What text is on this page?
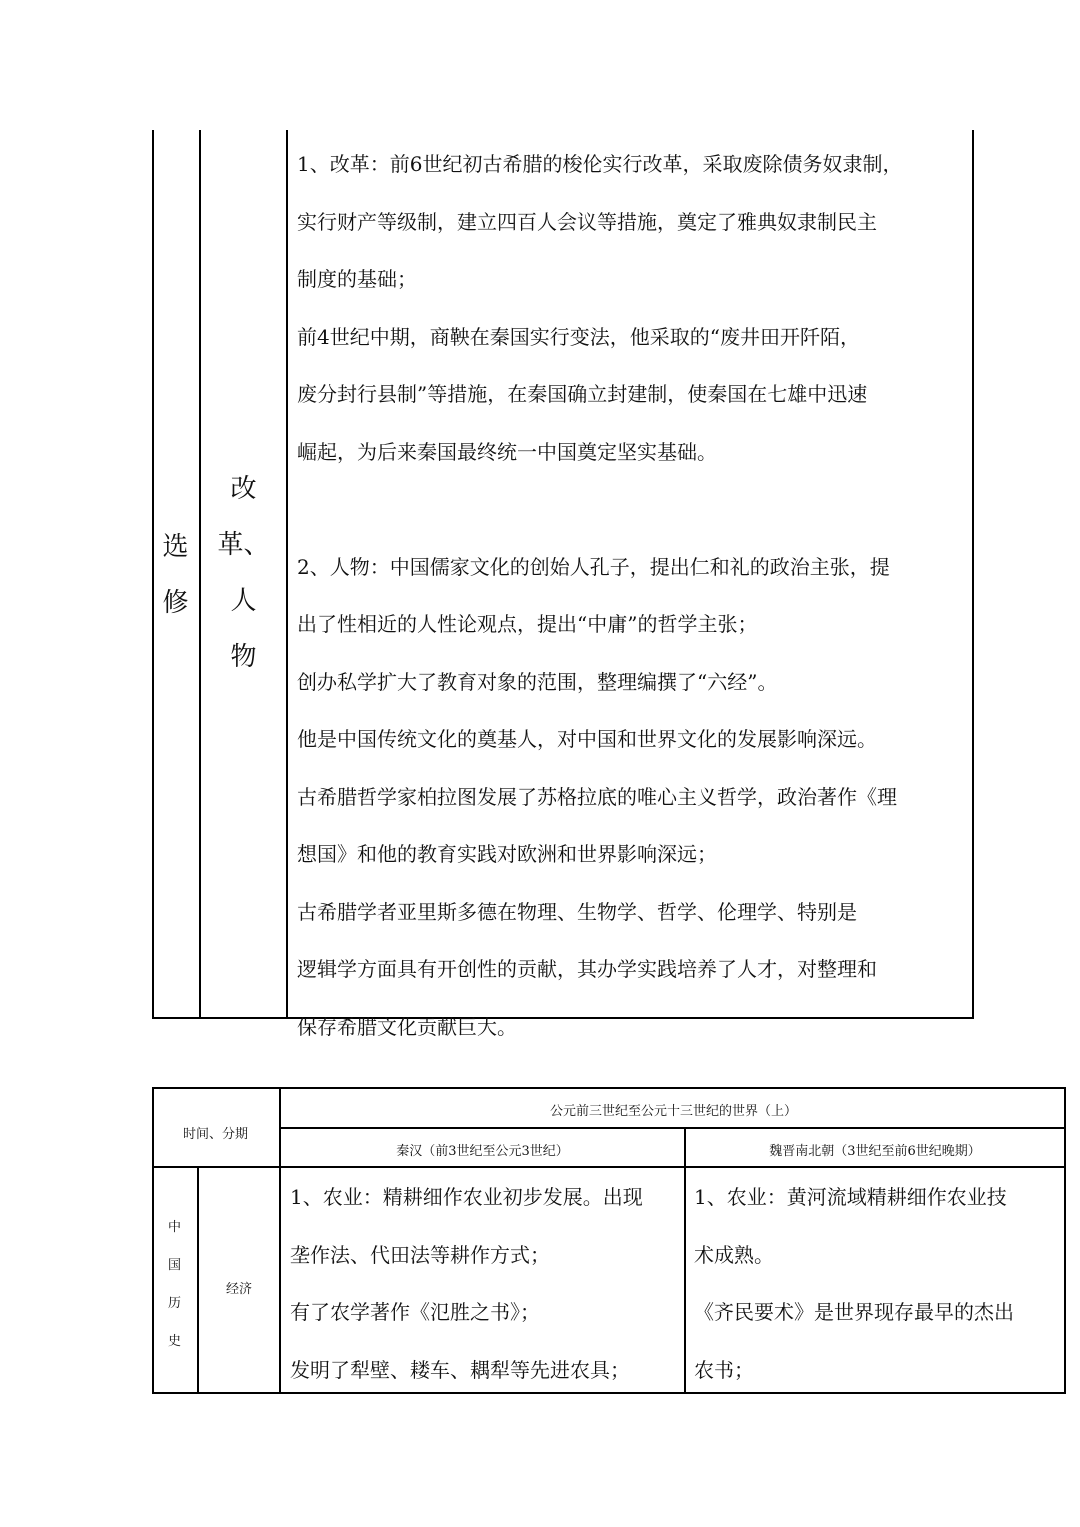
选
修
改
革、
人
物

1、改革：前6世纪初古希腊的梭伦实行改革，采取废除债务奴隶制，

实行财产等级制，建立四百人会议等措施，奠定了雅典奴隶制民主

制度的基础；

前4世纪中期，商鞅在秦国实行变法，他采取的“废井田开阡陌，

废分封行县制”等措施，在秦国确立封建制，使秦国在七雄中迅速

崛起，为后来秦国最终统一中国奠定坚实基础。

2、人物：中国儒家文化的创始人孔子，提出仁和礼的政治主张，提

出了性相近的人性论观点，提出“中庸”的哲学主张；

创办私学扩大了教育对象的范围，整理编撰了“六经”。

他是中国传统文化的奠基人，对中国和世界文化的发展影响深远。

古希腊哲学家柏拉图发展了苏格拉底的唯心主义哲学，政治著作《理

想国》和他的教育实践对欧洲和世界影响深远；

古希腊学者亚里斯多德在物理、生物学、哲学、伦理学、特别是

逻辑学方面具有开创性的贡献，其办学实践培养了人才，对整理和

保存希腊文化贡献巨大。

时间、分期
公元前三世纪至公元十三世纪的世界（上）
秦汉（前3世纪至公元3世纪）	魏晋南北朝（3世纪至前6世纪晚期）
中
国
历
史
经济

1、农业：精耕细作农业初步发展。出现

垄作法、代田法等耕作方式；

有了农学著作《氾胜之书》；

发明了犁壁、耧车、耦犁等先进农具；

1、农业：黄河流域精耕细作农业技

术成熟。

《齐民要术》是世界现存最早的杰出

农书；
